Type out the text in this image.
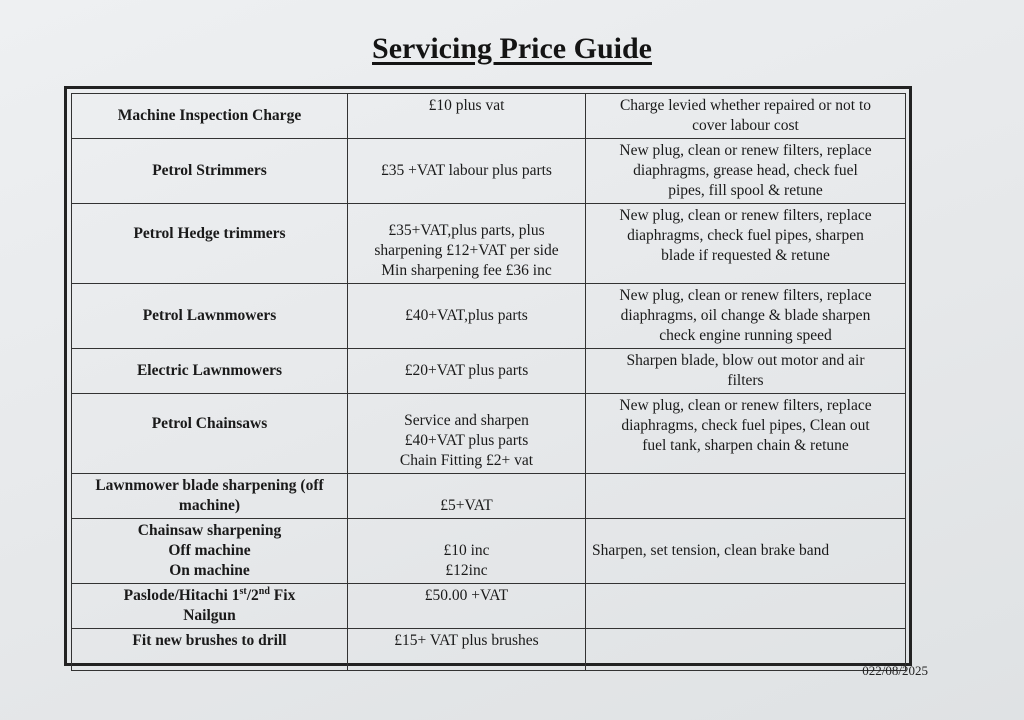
Servicing Price Guide
Machine Inspection Charge	£10 plus vat	Charge levied whether repaired or not to
cover labour cost

Petrol Strimmers	£35 +VAT labour plus parts	New plug, clean or renew filters, replace
diaphragms, grease head, check fuel
pipes, fill spool & retune

Petrol Hedge trimmers	£35+VAT,plus parts, plus
sharpening £12+VAT per side
Min sharpening fee £36 inc	New plug, clean or renew filters, replace
diaphragms, check fuel pipes, sharpen
blade if requested & retune

Petrol Lawnmowers	£40+VAT,plus parts	New plug, clean or renew filters, replace
diaphragms, oil change & blade sharpen
check engine running speed

Electric Lawnmowers	£20+VAT plus parts	Sharpen blade, blow out motor and air
filters

Petrol Chainsaws	Service and sharpen
£40+VAT plus parts
Chain Fitting £2+ vat	New plug, clean or renew filters, replace
diaphragms, check fuel pipes, Clean out
fuel tank, sharpen chain & retune

Lawnmower blade sharpening (off
machine)	£5+VAT	

Chainsaw sharpening
Off machine
On machine	£10 inc
£12inc	Sharpen, set tension, clean brake band

Paslode/Hitachi 1st/2nd Fix
Nailgun	£50.00 +VAT	

Fit new brushes to drill	£15+ VAT plus brushes	

022/08/2025
